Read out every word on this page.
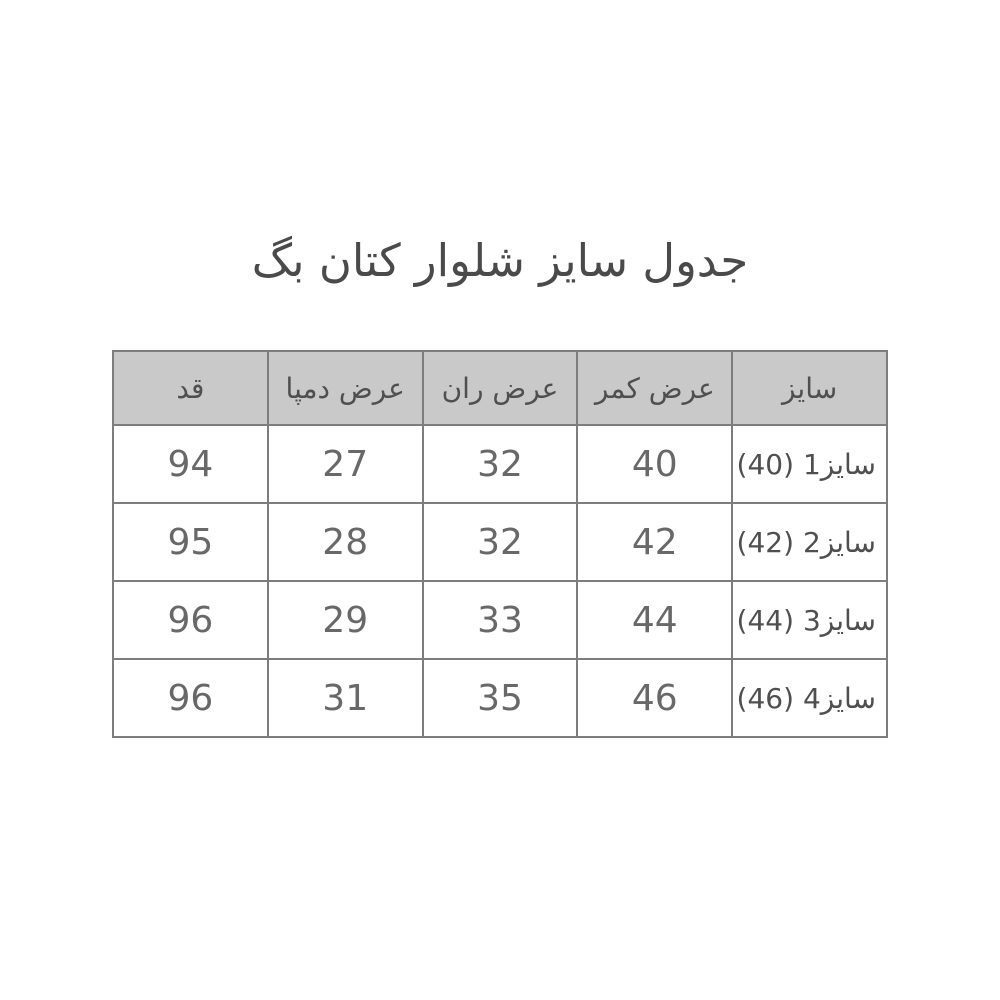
جدول سایز شلوار کتان بگ
سایز	عرض کمر	عرض ران	عرض دمپا	قد
سایز1 (40)	40	32	27	94
سایز2 (42)	42	32	28	95
سایز3 (44)	44	33	29	96
سایز4 (46)	46	35	31	96
